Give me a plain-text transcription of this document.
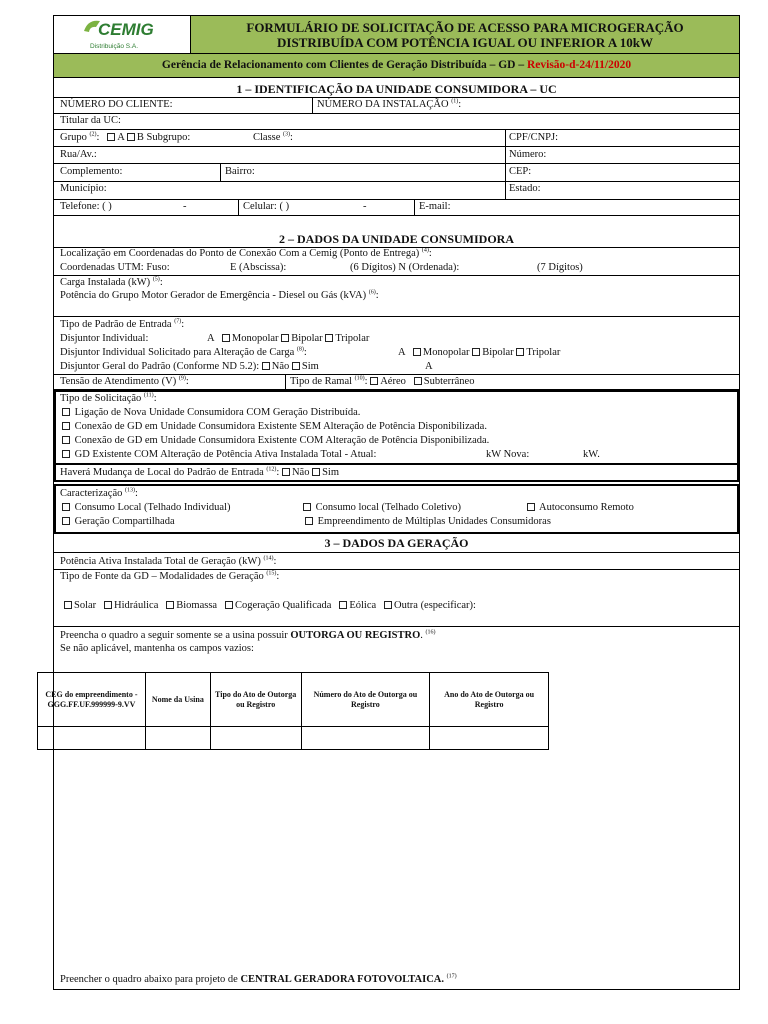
CEMIG
Distribuição S.A.
FORMULÁRIO DE SOLICITAÇÃO DE ACESSO PARA MICROGERAÇÃO
DISTRIBUÍDA COM POTÊNCIA IGUAL OU INFERIOR A 10kW
Gerência de Relacionamento com Clientes de Geração Distribuída – GD – Revisão-d-24/11/2020
1 – IDENTIFICAÇÃO DA UNIDADE CONSUMIDORA – UC
NÚMERO DO CLIENTE:	NÚMERO DA INSTALAÇÃO $^{(1)}$:
Titular da UC:
Grupo $^{(2)}$:   A B Subgrupo:	Classe $^{(3)}$:	CPF/CNPJ:
Rua/Av.:	Número:
Complemento:	Bairro:	CEP:
Município:	Estado:
Telefone: ( )	-	Celular: ( )	-	E-mail:
2 – DADOS DA UNIDADE CONSUMIDORA
Localização em Coordenadas do Ponto de Conexão Com a Cemig (Ponto de Entrega) $^{(4)}$:
Coordenadas UTM: Fuso:	E (Abscissa):	(6 Dígitos) N (Ordenada):	(7 Dígitos)
Carga Instalada (kW) $^{(5)}$:
Potência do Grupo Motor Gerador de Emergência - Diesel ou Gás (kVA) $^{(6)}$:
Tipo de Padrão de Entrada $^{(7)}$:
Disjuntor Individual:	A Monopolar Bipolar Tripolar
Disjuntor Individual Solicitado para Alteração de Carga $^{(8)}$:	A Monopolar Bipolar Tripolar
Disjuntor Geral do Padrão (Conforme ND 5.2): Não Sim	A
Tensão de Atendimento (V) $^{(9)}$:	Tipo de Ramal $^{(10)}$: Aéreo Subterrâneo
Tipo de Solicitação $^{(11)}$:
Ligação de Nova Unidade Consumidora COM Geração Distribuída.
Conexão de GD em Unidade Consumidora Existente SEM Alteração de Potência Disponibilizada.
Conexão de GD em Unidade Consumidora Existente COM Alteração de Potência Disponibilizada.
GD Existente COM Alteração de Potência Ativa Instalada Total - Atual:	kW Nova:	kW.
Haverá Mudança de Local do Padrão de Entrada $^{(12)}$: Não Sim
Caracterização $^{(13)}$:
Consumo Local (Telhado Individual)	Consumo local (Telhado Coletivo)	Autoconsumo Remoto
Geração Compartilhada	Empreendimento de Múltiplas Unidades Consumidoras
3 – DADOS DA GERAÇÃO
Potência Ativa Instalada Total de Geração (kW) $^{(14)}$:
Tipo de Fonte da GD – Modalidades de Geração $^{(15)}$:
Solar Hidráulica Biomassa Cogeração Qualificada Eólica Outra (especificar):
Preencha o quadro a seguir somente se a usina possuir OUTORGA OU REGISTRO. $^{(16)}$
Se não aplicável, mantenha os campos vazios:
CEG do empreendimento - GGG.FF.UF.999999-9.VV	Nome da Usina	Tipo do Ato de Outorga ou Registro	Número do Ato de Outorga ou Registro	Ano do Ato de Outorga ou Registro

Preencher o quadro abaixo para projeto de CENTRAL GERADORA FOTOVOLTAICA. $^{(17)}$
